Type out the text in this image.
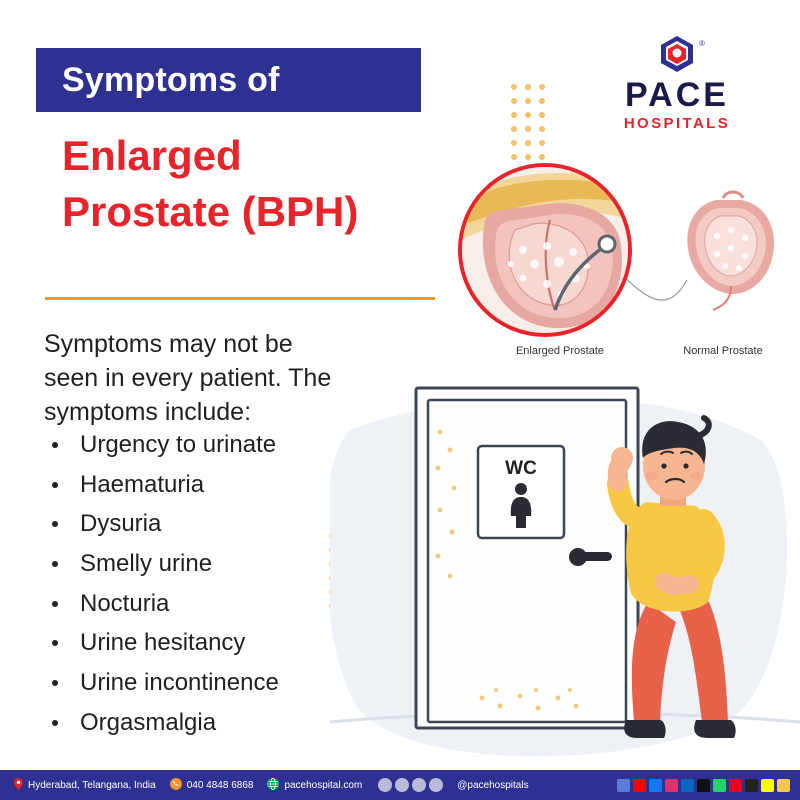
Symptoms of
Enlarged
Prostate (BPH)
®
PACE
HOSPITALS
Symptoms may not be
seen in every patient. The
symptoms include:
Urgency to urinate
Haematuria
Dysuria
Smelly urine
Nocturia
Urine hesitancy
Urine incontinence
Orgasmalgia
Enlarged Prostate	Normal Prostate
WC
Hyderabad, Telangana, India	040 4848 6868	pacehospital.com	@pacehospitals
